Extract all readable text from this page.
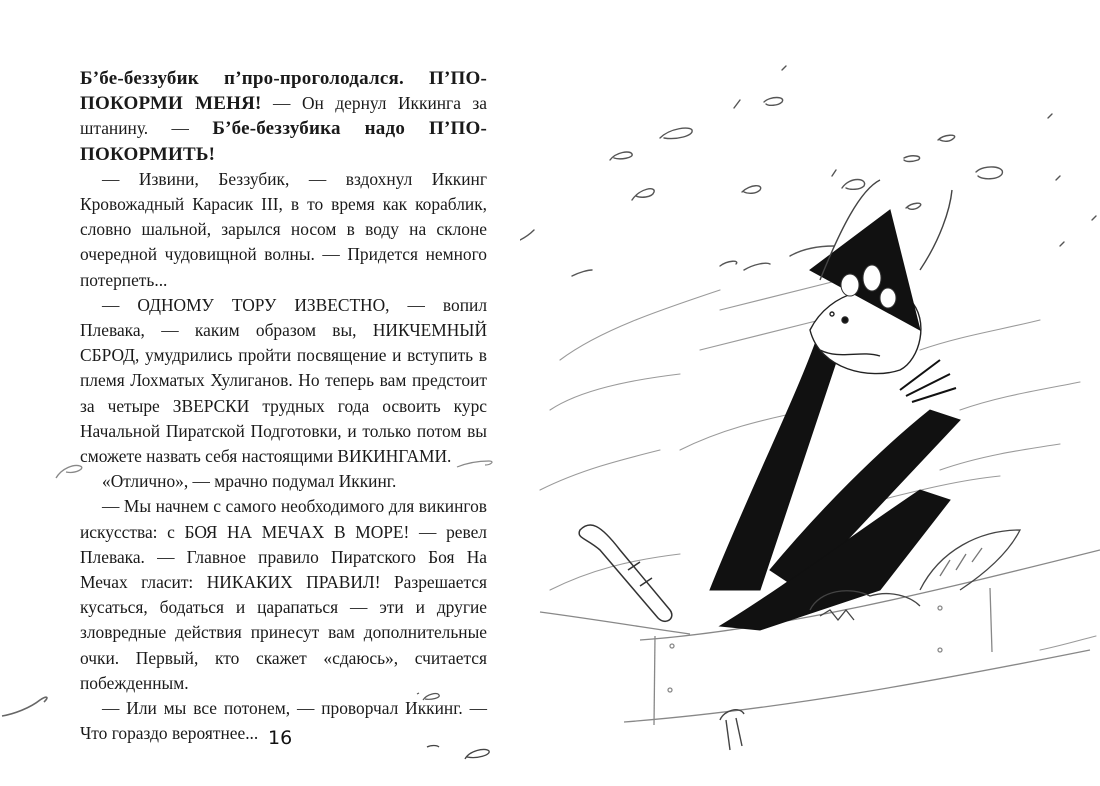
Б’бе-беззубик п’про-проголодался. П’ПО-ПОКОРМИ МЕНЯ! — Он дернул Иккинга за штанину. — Б’бе-беззубика надо П’ПО-ПОКОРМИТЬ!

— Извини, Беззубик, — вздохнул Иккинг Кровожадный Карасик III, в то время как кораблик, словно шальной, зарылся носом в воду на склоне очередной чудовищной волны. — Придется немного потерпеть...

— ОДНОМУ ТОРУ ИЗВЕСТНО, — вопил Плевака, — каким образом вы, НИКЧЕМНЫЙ СБРОД, умудрились пройти посвящение и вступить в племя Лохматых Хулиганов. Но теперь вам предстоит за четыре ЗВЕРСКИ трудных года освоить курс Начальной Пиратской Подготовки, и только потом вы сможете назвать себя настоящими ВИКИНГАМИ.

«Отлично», — мрачно подумал Иккинг.

— Мы начнем с самого необходимого для викингов искусства: с БОЯ НА МЕЧАХ В МОРЕ! — ревел Плевака. — Главное правило Пиратского Боя На Мечах гласит: НИКАКИХ ПРАВИЛ! Разрешается кусаться, бодаться и царапаться — эти и другие зловредные действия принесут вам дополнительные очки. Первый, кто скажет «сдаюсь», считается побежденным.

— Или мы все потонем, — проворчал Иккинг. — Что гораздо вероятнее... 16
